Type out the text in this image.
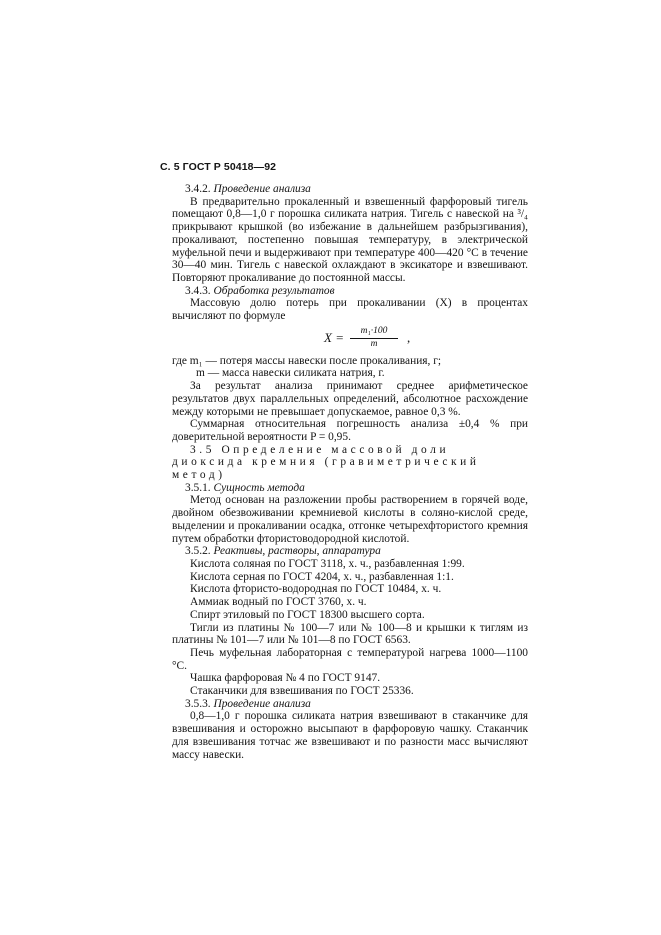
С. 5 ГОСТ Р 50418—92

3.4.2. Проведение анализа

В предварительно прокаленный и взвешенный фарфоровый тигель помещают 0,8—1,0 г порошка силиката натрия. Тигель с навеской на ³/₄ прикрывают крышкой (во избежание в дальнейшем разбрызгивания), прокаливают, постепенно повышая температуру, в электрической муфельной печи и выдерживают при температуре 400—420 °С в течение 30—40 мин. Тигель с навеской охлаждают в эксикаторе и взвешивают. Повторяют прокаливание до постоянной массы.

3.4.3. Обработка результатов

Массовую долю потерь при прокаливании (X) в процентах вычисляют по формуле

$X = \frac{\text{m₁·100}}{m}$ ,

где m₁ — потеря массы навески после прокаливания, г;

m — масса навески силиката натрия, г.

За результат анализа принимают среднее арифметическое результатов двух параллельных определений, абсолютное расхождение между которыми не превышает допускаемое, равное 0,3 %.

Суммарная относительная погрешность анализа ±0,4 % при доверительной вероятности P = 0,95.

3.5 Определение массовой доли диоксида кремния (гравиметрический метод)

3.5.1. Сущность метода

Метод основан на разложении пробы растворением в горячей воде, двойном обезвоживании кремниевой кислоты в солянo-кислой среде, выделении и прокаливании осадка, отгонке четырехфтористого кремния путем обработки фтористоводородной кислотой.

3.5.2. Реактивы, растворы, аппаратура

Кислота соляная по ГОСТ 3118, х. ч., разбавленная 1:99.

Кислота серная по ГОСТ 4204, х. ч., разбавленная 1:1.

Кислота фтористо-водородная по ГОСТ 10484, х. ч.

Аммиак водный по ГОСТ 3760, х. ч.

Спирт этиловый по ГОСТ 18300 высшего сорта.

Тигли из платины № 100—7 или № 100—8 и крышки к тиглям из платины № 101—7 или № 101—8 по ГОСТ 6563.

Печь муфельная лабораторная с температурой нагрева 1000—1100 °С.

Чашка фарфоровая № 4 по ГОСТ 9147.

Стаканчики для взвешивания по ГОСТ 25336.

3.5.3. Проведение анализа

0,8—1,0 г порошка силиката натрия взвешивают в стаканчике для взвешивания и осторожно высыпают в фарфоровую чашку. Стаканчик для взвешивания тотчас же взвешивают и по разности масс вычисляют массу навески.
